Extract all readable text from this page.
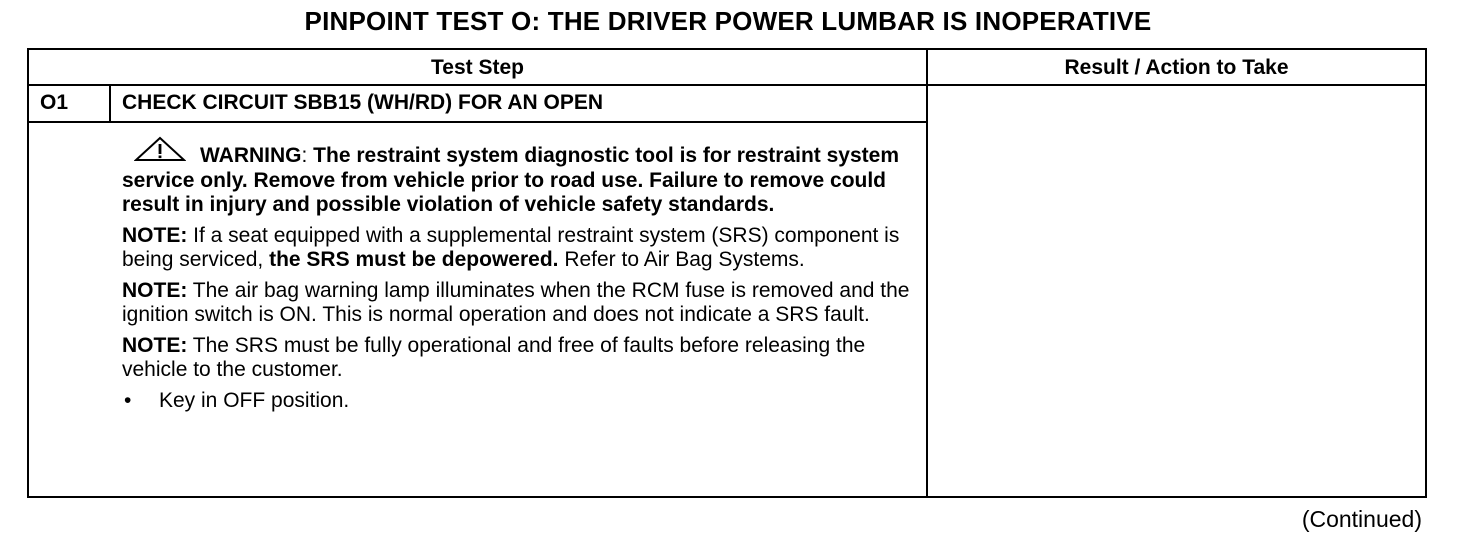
PINPOINT TEST O: THE DRIVER POWER LUMBAR IS INOPERATIVE
Test Step	Result / Action to Take
O1	CHECK CIRCUIT SBB15 (WH/RD) FOR AN OPEN
WARNING: The restraint system diagnostic tool is for restraint system service only. Remove from vehicle prior to road use. Failure to remove could result in injury and possible violation of vehicle safety standards.
NOTE: If a seat equipped with a supplemental restraint system (SRS) component is being serviced, the SRS must be depowered. Refer to Air Bag Systems.
NOTE: The air bag warning lamp illuminates when the RCM fuse is removed and the ignition switch is ON. This is normal operation and does not indicate a SRS fault.
NOTE: The SRS must be fully operational and free of faults before releasing the vehicle to the customer.
•	Key in OFF position.
(Continued)
